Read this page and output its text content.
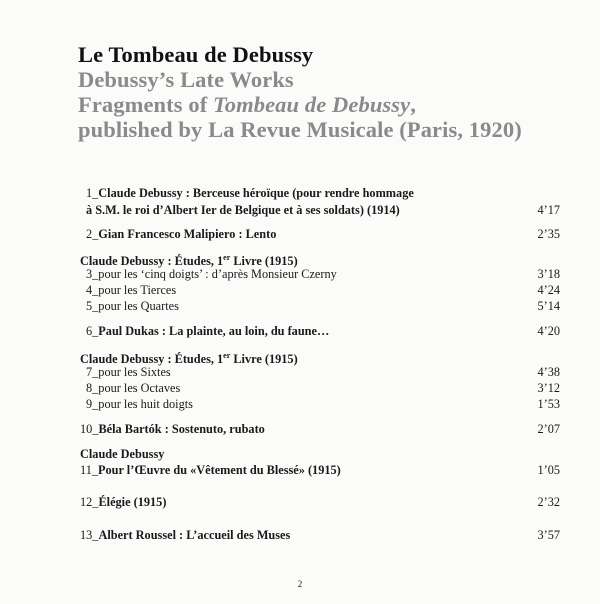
Le Tombeau de Debussy
Debussy’s Late Works
Fragments of Tombeau de Debussy,
published by La Revue Musicale (Paris, 1920)
1_Claude Debussy : Berceuse héroïque (pour rendre hommage
à S.M. le roi d’Albert Ier de Belgique et à ses soldats) (1914)	4’17
2_Gian Francesco Malipiero : Lento	2’35
Claude Debussy : Études, 1er Livre (1915)
3_pour les ‘cinq doigts’ : d’après Monsieur Czerny	3’18
4_pour les Tierces	4’24
5_pour les Quartes	5’14
6_Paul Dukas : La plainte, au loin, du faune…	4’20
Claude Debussy : Études, 1er Livre (1915)
7_pour les Sixtes	4’38
8_pour les Octaves	3’12
9_pour les huit doigts	1’53
10_Béla Bartók : Sostenuto, rubato	2’07
Claude Debussy
11_Pour l’Œuvre du «Vêtement du Blessé» (1915)	1’05
12_Élégie (1915)	2’32
13_Albert Roussel : L’accueil des Muses	3’57
2
